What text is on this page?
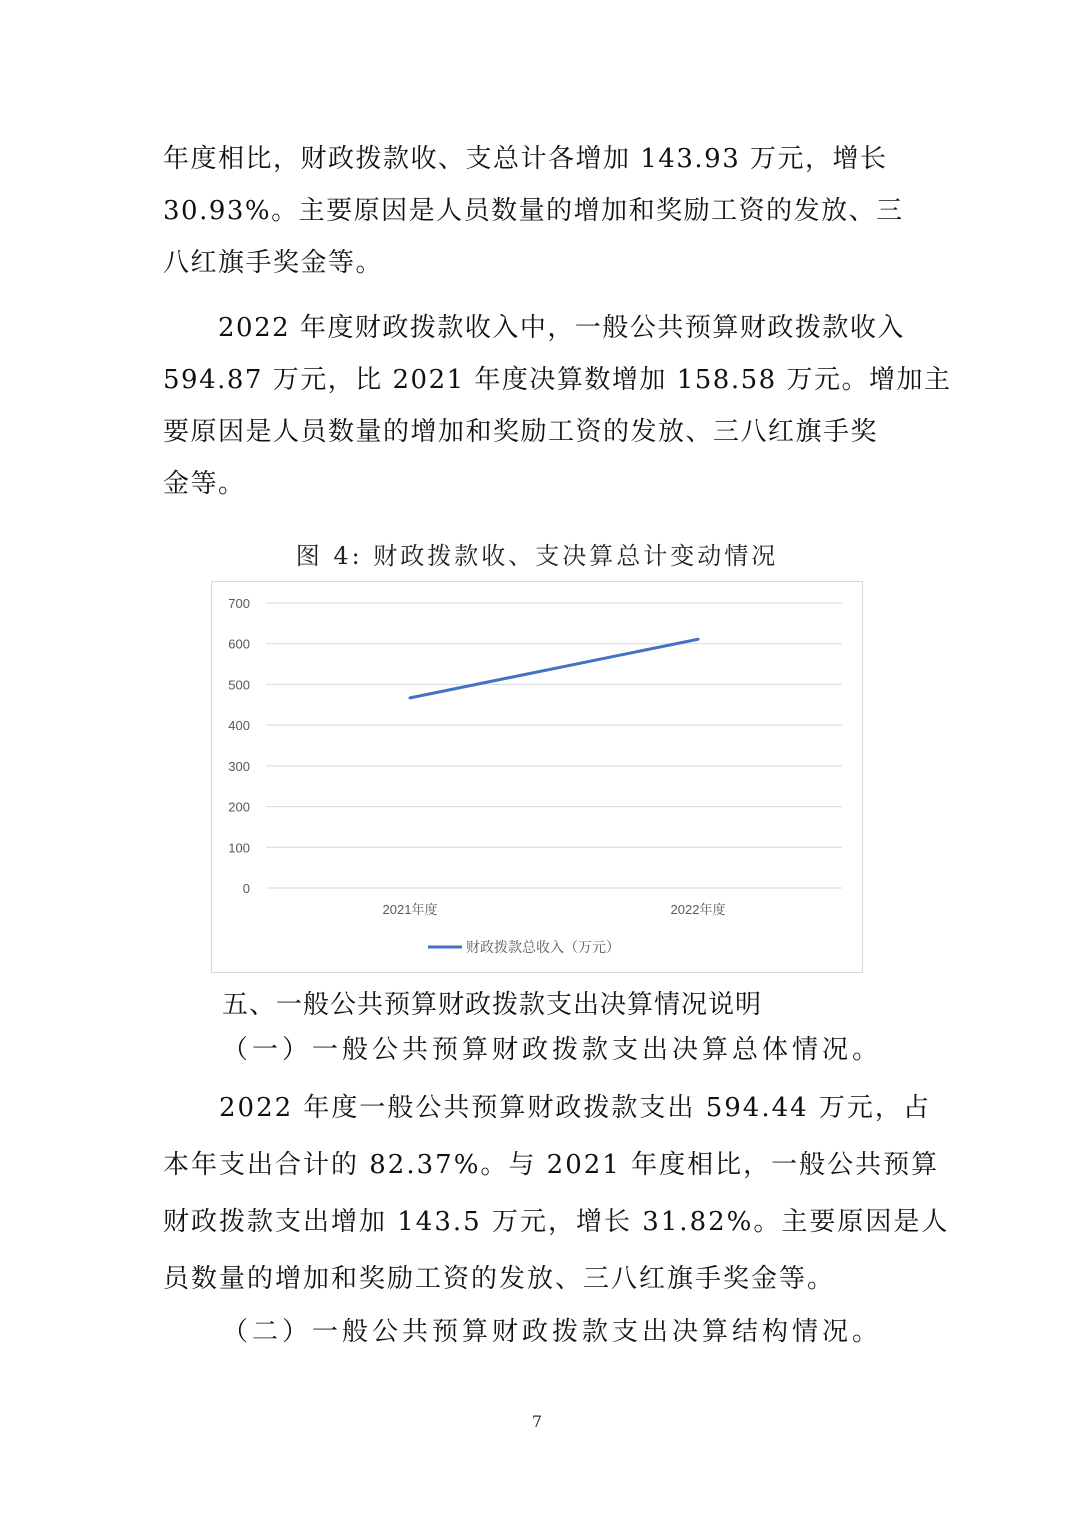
年度相比，财政拨款收、支总计各增加 143.93 万元，增长
30.93%。主要原因是人员数量的增加和奖励工资的发放、三
八红旗手奖金等。
　　2022 年度财政拨款收入中，一般公共预算财政拨款收入
594.87 万元，比 2021 年度决算数增加 158.58 万元。增加主
要原因是人员数量的增加和奖励工资的发放、三八红旗手奖
金等。
图 4: 财政拨款收、支决算总计变动情况
0
100
200
300
400
500
600
700
2021年度	2022年度
财政拨款总收入（万元）
五、一般公共预算财政拨款支出决算情况说明
（一）一般公共预算财政拨款支出决算总体情况。
　　2022 年度一般公共预算财政拨款支出 594.44 万元，占
本年支出合计的 82.37%。与 2021 年度相比，一般公共预算
财政拨款支出增加 143.5 万元，增长 31.82%。主要原因是人
员数量的增加和奖励工资的发放、三八红旗手奖金等。
（二）一般公共预算财政拨款支出决算结构情况。
7
